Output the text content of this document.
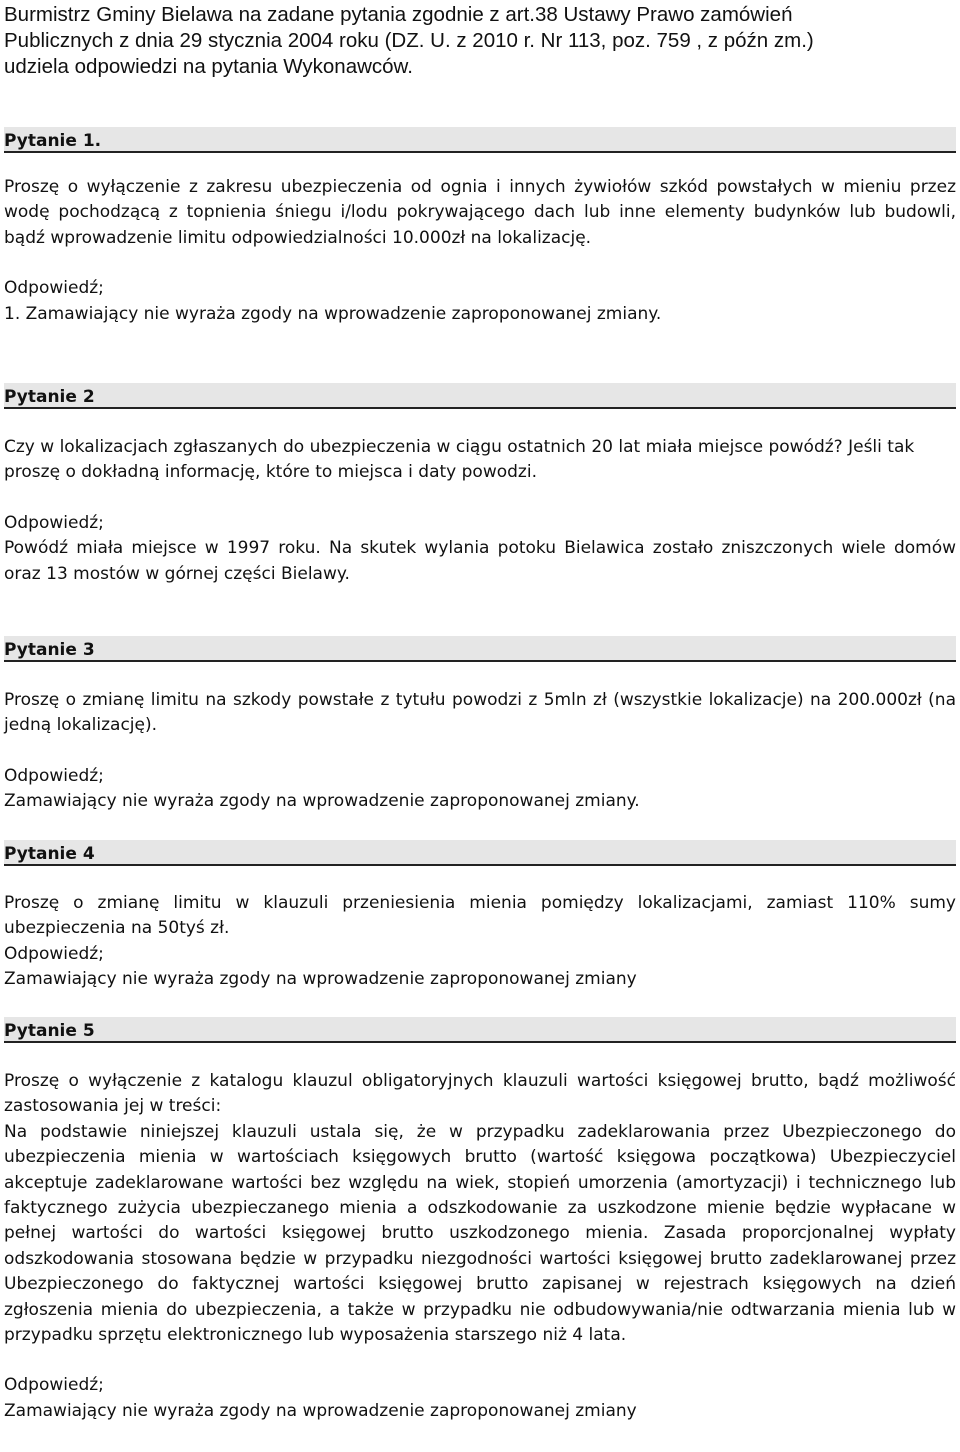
Burmistrz Gminy Bielawa na zadane pytania zgodnie z art.38 Ustawy Prawo zamówień
Publicznych z dnia 29 stycznia 2004 roku (DZ. U. z 2010 r. Nr 113, poz. 759 , z późn zm.)
udziela odpowiedzi na pytania Wykonawców.
Pytanie 1.

Proszę o wyłączenie z zakresu ubezpieczenia od ognia i innych żywiołów szkód powstałych w mieniu przez wodę pochodzącą z topnienia śniegu i/lodu pokrywającego dach lub inne elementy budynków lub budowli, bądź wprowadzenie limitu odpowiedzialności 10.000zł na lokalizację.

Odpowiedź;

1. Zamawiający nie wyraża zgody na wprowadzenie zaproponowanej zmiany.

Pytanie 2

Czy w lokalizacjach zgłaszanych do ubezpieczenia w ciągu ostatnich 20 lat miała miejsce powódź? Jeśli tak proszę o dokładną informację, które to miejsca i daty powodzi.

Odpowiedź;

Powódź miała miejsce w 1997 roku. Na skutek wylania potoku Bielawica zostało zniszczonych wiele domów oraz 13 mostów w górnej części Bielawy.

Pytanie 3

Proszę o zmianę limitu na szkody powstałe z tytułu powodzi z 5mln zł (wszystkie lokalizacje) na 200.000zł (na jedną lokalizację).

Odpowiedź;

Zamawiający nie wyraża zgody na wprowadzenie zaproponowanej zmiany.

Pytanie 4

Proszę o zmianę limitu w klauzuli przeniesienia mienia pomiędzy lokalizacjami, zamiast 110% sumy ubezpieczenia na 50tyś zł.

Odpowiedź;

Zamawiający nie wyraża zgody na wprowadzenie zaproponowanej zmiany

Pytanie 5

Proszę o wyłączenie z katalogu klauzul obligatoryjnych klauzuli wartości księgowej brutto, bądź możliwość zastosowania jej w treści:

Na podstawie niniejszej klauzuli ustala się, że w przypadku zadeklarowania przez Ubezpieczonego do ubezpieczenia mienia w wartościach księgowych brutto (wartość księgowa początkowa) Ubezpieczyciel akceptuje zadeklarowane wartości bez względu na wiek, stopień umorzenia (amortyzacji) i technicznego lub faktycznego zużycia ubezpieczanego mienia a odszkodowanie za uszkodzone mienie będzie wypłacane w pełnej wartości do wartości księgowej brutto uszkodzonego mienia. Zasada proporcjonalnej wypłaty odszkodowania stosowana będzie w przypadku niezgodności wartości księgowej brutto zadeklarowanej przez Ubezpieczonego do faktycznej wartości księgowej brutto zapisanej w rejestrach księgowych na dzień zgłoszenia mienia do ubezpieczenia, a także w przypadku nie odbudowywania/nie odtwarzania mienia lub w przypadku sprzętu elektronicznego lub wyposażenia starszego niż 4 lata.

Odpowiedź;

Zamawiający nie wyraża zgody na wprowadzenie zaproponowanej zmiany
